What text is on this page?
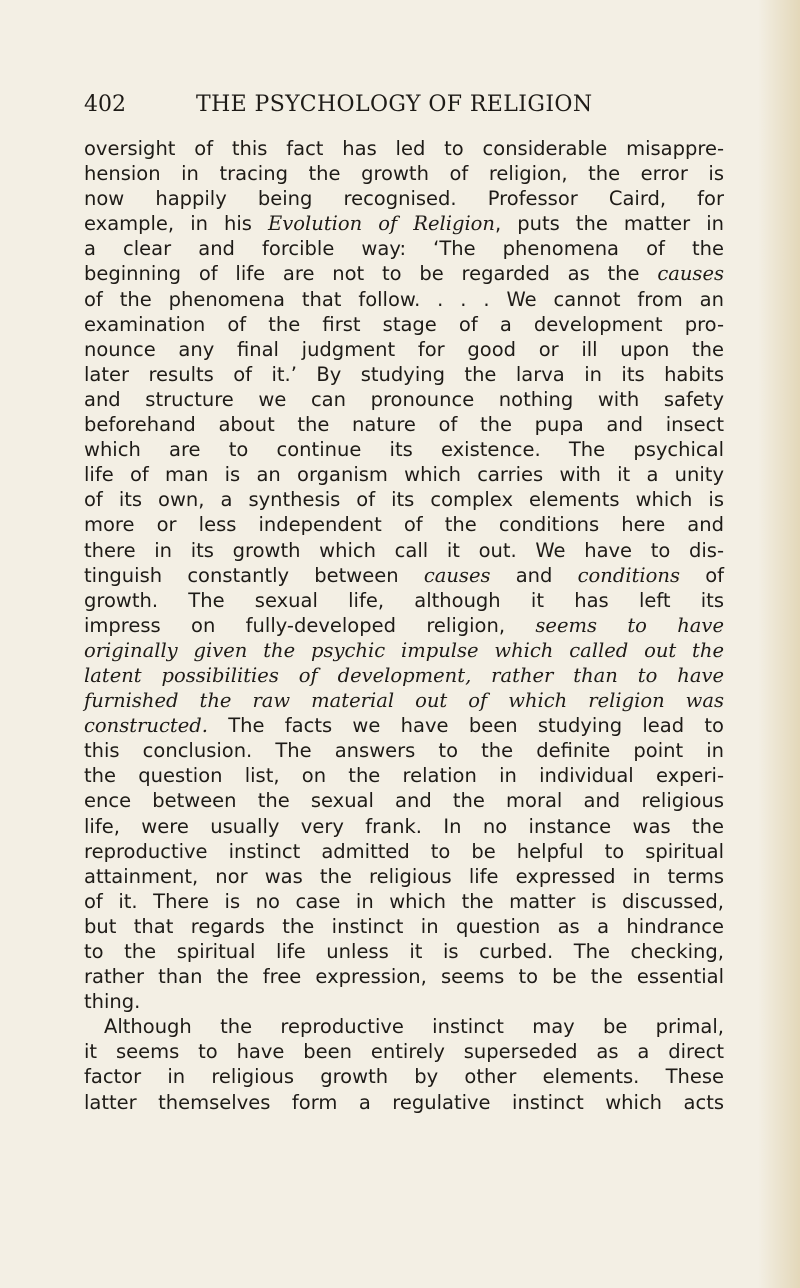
402	THE PSYCHOLOGY OF RELIGION
oversight of this fact has led to considerable misappre-
hension in tracing the growth of religion, the error is
now happily being recognised. Professor Caird, for
example, in his Evolution of Religion, puts the matter in
a clear and forcible way: ‘The phenomena of the
beginning of life are not to be regarded as the causes
of the phenomena that follow. . . . We cannot from an
examination of the first stage of a development pro-
nounce any final judgment for good or ill upon the
later results of it.’ By studying the larva in its habits
and structure we can pronounce nothing with safety
beforehand about the nature of the pupa and insect
which are to continue its existence. The psychical
life of man is an organism which carries with it a unity
of its own, a synthesis of its complex elements which is
more or less independent of the conditions here and
there in its growth which call it out. We have to dis-
tinguish constantly between causes and conditions of
growth. The sexual life, although it has left its
impress on fully-developed religion, seems to have
originally given the psychic impulse which called out the
latent possibilities of development, rather than to have
furnished the raw material out of which religion was
constructed. The facts we have been studying lead to
this conclusion. The answers to the definite point in
the question list, on the relation in individual experi-
ence between the sexual and the moral and religious
life, were usually very frank. In no instance was the
reproductive instinct admitted to be helpful to spiritual
attainment, nor was the religious life expressed in terms
of it. There is no case in which the matter is discussed,
but that regards the instinct in question as a hindrance
to the spiritual life unless it is curbed. The checking,
rather than the free expression, seems to be the essential
thing.
Although the reproductive instinct may be primal,
it seems to have been entirely superseded as a direct
factor in religious growth by other elements. These
latter themselves form a regulative instinct which acts
